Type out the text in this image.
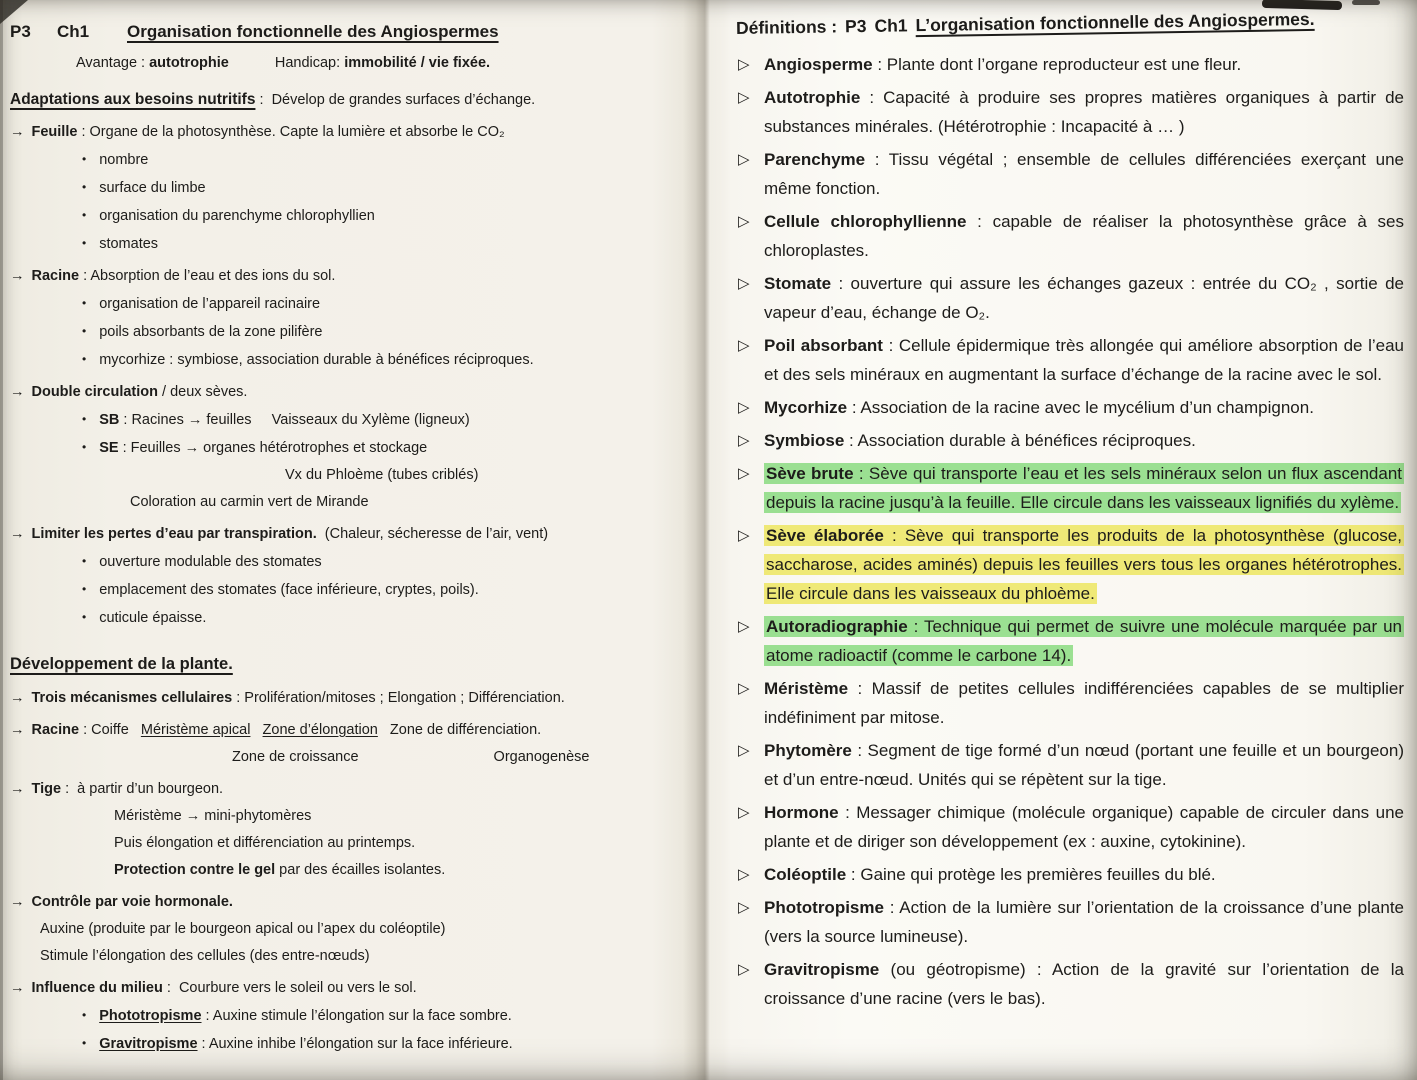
P3	Ch1	Organisation fonctionnelle des Angiospermes
Avantage : autotrophie	Handicap: immobilité / vie fixée.
Adaptations aux besoins nutritifs :  Dévelop de grandes surfaces d’échange.
→ Feuille : Organe de la photosynthèse. Capte la lumière et absorbe le CO₂
• nombre
• surface du limbe
• organisation du parenchyme chlorophyllien
• stomates
→ Racine : Absorption de l’eau et des ions du sol.
• organisation de l’appareil racinaire
• poils absorbants de la zone pilifère
• mycorhize : symbiose, association durable à bénéfices réciproques.
→ Double circulation / deux sèves.
• SB : Racines → feuilles     Vaisseaux du Xylème (ligneux)
• SE : Feuilles → organes hétérotrophes et stockage
Vx du Phloème (tubes criblés)
Coloration au carmin vert de Mirande
→ Limiter les pertes d’eau par transpiration.  (Chaleur, sécheresse de l’air, vent)
• ouverture modulable des stomates
• emplacement des stomates (face inférieure, cryptes, poils).
• cuticule épaisse.
Développement de la plante.
→ Trois mécanismes cellulaires : Prolifération/mitoses ; Elongation ; Différenciation.
→ Racine : Coiffe   Méristème apical Zone d’élongation   Zone de différenciation.
Zone de croissance	Organogenèse
→ Tige :  à partir d’un bourgeon.
Méristème → mini-phytomères
Puis élongation et différenciation au printemps.
Protection contre le gel par des écailles isolantes.
→ Contrôle par voie hormonale.
Auxine (produite par le bourgeon apical ou l’apex du coléoptile)
Stimule l’élongation des cellules (des entre-nœuds)
→ Influence du milieu :  Courbure vers le soleil ou vers le sol.
• Phototropisme : Auxine stimule l’élongation sur la face sombre.
• Gravitropisme : Auxine inhibe l’élongation sur la face inférieure.
Définitions : P3 Ch1 L’organisation fonctionnelle des Angiospermes.
▷ Angiosperme : Plante dont l’organe reproducteur est une fleur.
▷ Autotrophie : Capacité à produire ses propres matières organiques à partir de substances minérales. (Hétérotrophie : Incapacité à … )
▷ Parenchyme : Tissu végétal ; ensemble de cellules différenciées exerçant une même fonction.
▷ Cellule chlorophyllienne : capable de réaliser la photosynthèse grâce à ses chloroplastes.
▷ Stomate : ouverture qui assure les échanges gazeux : entrée du CO₂ , sortie de vapeur d’eau, échange de O₂.
▷ Poil absorbant : Cellule épidermique très allongée qui améliore absorption de l’eau et des sels minéraux en augmentant la surface d’échange de la racine avec le sol.
▷ Mycorhize : Association de la racine avec le mycélium d’un champignon.
▷ Symbiose : Association durable à bénéfices réciproques.
▷ Sève brute : Sève qui transporte l’eau et les sels minéraux selon un flux ascendant depuis la racine jusqu’à la feuille. Elle circule dans les vaisseaux lignifiés du xylème.
▷ Sève élaborée : Sève qui transporte les produits de la photosynthèse (glucose, saccharose, acides aminés) depuis les feuilles vers tous les organes hétérotrophes. Elle circule dans les vaisseaux du phloème.
▷ Autoradiographie : Technique qui permet de suivre une molécule marquée par un atome radioactif (comme le carbone 14).
▷ Méristème : Massif de petites cellules indifférenciées capables de se multiplier indéfiniment par mitose.
▷ Phytomère : Segment de tige formé d’un nœud (portant une feuille et un bourgeon) et d’un entre-nœud. Unités qui se répètent sur la tige.
▷ Hormone : Messager chimique (molécule organique) capable de circuler dans une plante et de diriger son développement (ex : auxine, cytokinine).
▷ Coléoptile : Gaine qui protège les premières feuilles du blé.
▷ Phototropisme : Action de la lumière sur l’orientation de la croissance d’une plante (vers la source lumineuse).
▷ Gravitropisme (ou géotropisme) : Action de la gravité sur l’orientation de la croissance d’une racine (vers le bas).
